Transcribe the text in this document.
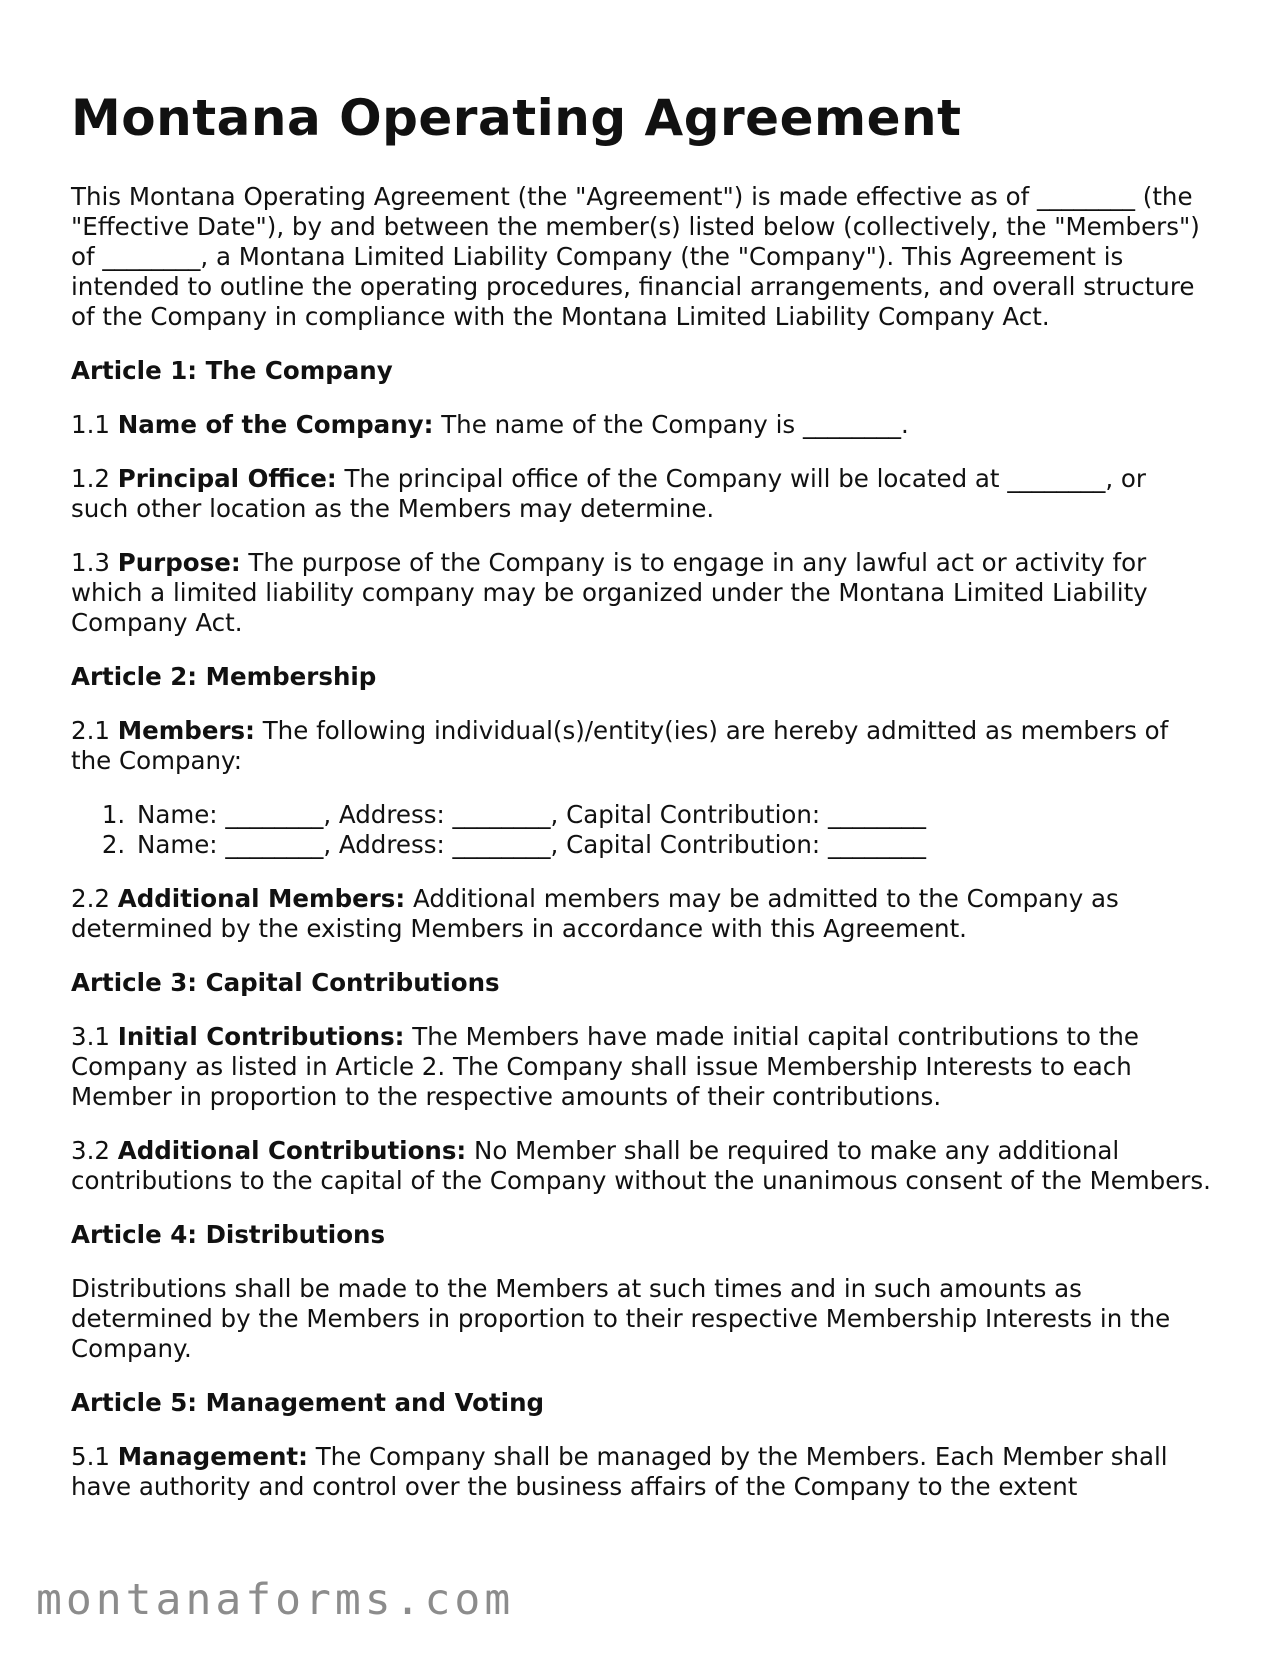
Montana Operating Agreement

This Montana Operating Agreement (the "Agreement") is made effective as of ________ (the "Effective Date"), by and between the member(s) listed below (collectively, the "Members") of ________, a Montana Limited Liability Company (the "Company"). This Agreement is intended to outline the operating procedures, financial arrangements, and overall structure of the Company in compliance with the Montana Limited Liability Company Act.

Article 1: The Company

1.1 Name of the Company: The name of the Company is ________.

1.2 Principal Office: The principal office of the Company will be located at ________, or such other location as the Members may determine.

1.3 Purpose: The purpose of the Company is to engage in any lawful act or activity for which a limited liability company may be organized under the Montana Limited Liability Company Act.

Article 2: Membership

2.1 Members: The following individual(s)/entity(ies) are hereby admitted as members of the Company:

1. Name: ________, Address: ________, Capital Contribution: ________
2. Name: ________, Address: ________, Capital Contribution: ________

2.2 Additional Members: Additional members may be admitted to the Company as determined by the existing Members in accordance with this Agreement.

Article 3: Capital Contributions

3.1 Initial Contributions: The Members have made initial capital contributions to the Company as listed in Article 2. The Company shall issue Membership Interests to each Member in proportion to the respective amounts of their contributions.

3.2 Additional Contributions: No Member shall be required to make any additional contributions to the capital of the Company without the unanimous consent of the Members.

Article 4: Distributions

Distributions shall be made to the Members at such times and in such amounts as determined by the Members in proportion to their respective Membership Interests in the Company.

Article 5: Management and Voting

5.1 Management: The Company shall be managed by the Members. Each Member shall have authority and control over the business affairs of the Company to the extent

montanaforms.com
